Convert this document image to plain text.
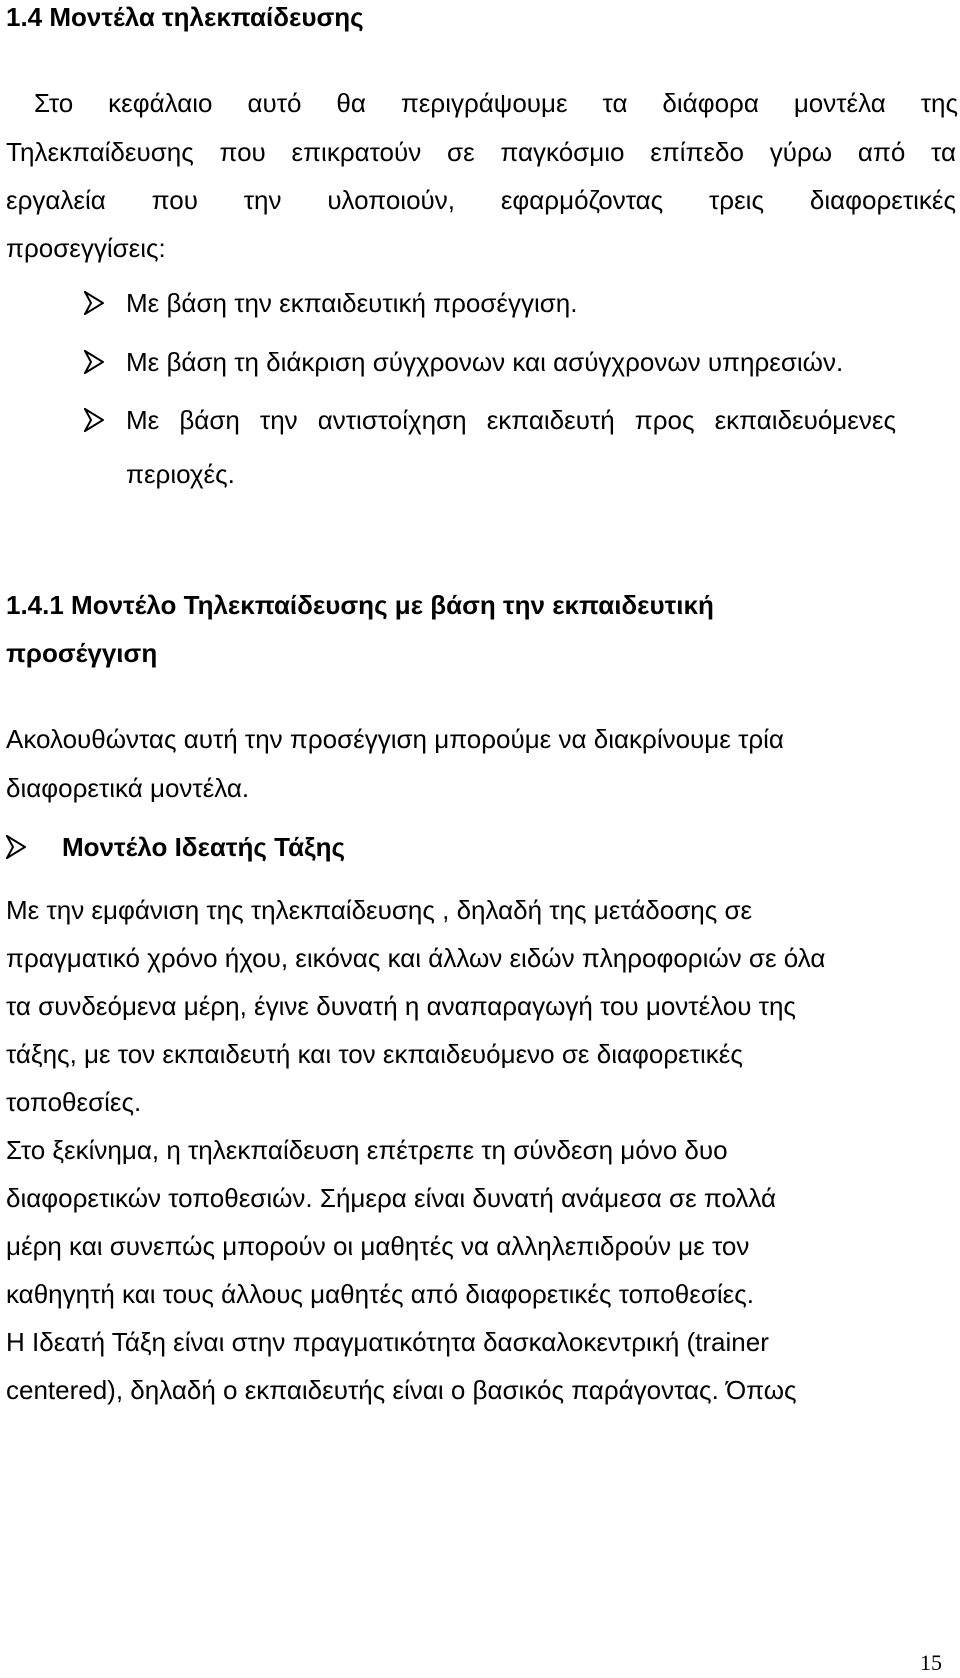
1.4 Μοντέλα τηλεκπαίδευσης
Στο κεφάλαιο αυτό θα περιγράψουμε τα διάφορα μοντέλα της
Τηλεκπαίδευσης που επικρατούν σε παγκόσμιο επίπεδο γύρω από τα
εργαλεία που την υλοποιούν, εφαρμόζοντας τρεις διαφορετικές
προσεγγίσεις:
Με βάση την εκπαιδευτική προσέγγιση.
Με βάση τη διάκριση σύγχρονων και ασύγχρονων υπηρεσιών.
Με βάση την αντιστοίχηση εκπαιδευτή προς εκπαιδευόμενες
περιοχές.
1.4.1 Μοντέλο Τηλεκπαίδευσης με βάση την εκπαιδευτική
προσέγγιση
Ακολουθώντας αυτή την προσέγγιση μπορούμε να διακρίνουμε τρία
διαφορετικά μοντέλα.
Μοντέλο Ιδεατής Τάξης
Με την εμφάνιση της τηλεκπαίδευσης , δηλαδή της μετάδοσης σε
πραγματικό χρόνο ήχου, εικόνας και άλλων ειδών πληροφοριών σε όλα
τα συνδεόμενα μέρη, έγινε δυνατή η αναπαραγωγή του μοντέλου της
τάξης, με τον εκπαιδευτή και τον εκπαιδευόμενο σε διαφορετικές
τοποθεσίες.
Στο ξεκίνημα, η τηλεκπαίδευση επέτρεπε τη σύνδεση μόνο δυο
διαφορετικών τοποθεσιών. Σήμερα είναι δυνατή ανάμεσα σε πολλά
μέρη και συνεπώς μπορούν οι μαθητές να αλληλεπιδρούν με τον
καθηγητή και τους άλλους μαθητές από διαφορετικές τοποθεσίες.
Η Ιδεατή Τάξη είναι στην πραγματικότητα δασκαλοκεντρική (trainer
centered), δηλαδή ο εκπαιδευτής είναι ο βασικός παράγοντας. Όπως
15
